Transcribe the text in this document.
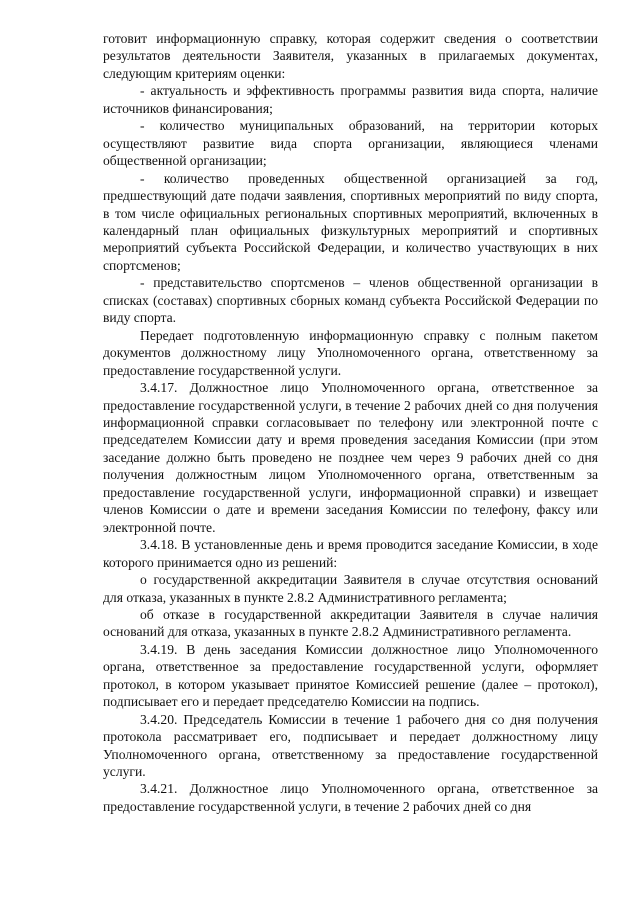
готовит информационную справку, которая содержит сведения о соответствии результатов деятельности Заявителя, указанных в прилагаемых документах, следующим критериям оценки:

- актуальность и эффективность программы развития вида спорта, наличие источников финансирования;

- количество муниципальных образований, на территории которых осуществляют развитие вида спорта организации, являющиеся членами общественной организации;

- количество проведенных общественной организацией за год, предшествующий дате подачи заявления, спортивных мероприятий по виду спорта, в том числе официальных региональных спортивных мероприятий, включенных в календарный план официальных физкультурных мероприятий и спортивных мероприятий субъекта Российской Федерации, и количество участвующих в них спортсменов;

- представительство спортсменов – членов общественной организации в списках (составах) спортивных сборных команд субъекта Российской Федерации по виду спорта.

Передает подготовленную информационную справку с полным пакетом документов должностному лицу Уполномоченного органа, ответственному за предоставление государственной услуги.

3.4.17. Должностное лицо Уполномоченного органа, ответственное за предоставление государственной услуги, в течение 2 рабочих дней со дня получения информационной справки согласовывает по телефону или электронной почте с председателем Комиссии дату и время проведения заседания Комиссии (при этом заседание должно быть проведено не позднее чем через 9 рабочих дней со дня получения должностным лицом Уполномоченного органа, ответственным за предоставление государственной услуги, информационной справки) и извещает членов Комиссии о дате и времени заседания Комиссии по телефону, факсу или электронной почте.

3.4.18. В установленные день и время проводится заседание Комиссии, в ходе которого принимается одно из решений:

о государственной аккредитации Заявителя в случае отсутствия оснований для отказа, указанных в пункте 2.8.2 Административного регламента;

об отказе в государственной аккредитации Заявителя в случае наличия оснований для отказа, указанных в пункте 2.8.2 Административного регламента.

3.4.19. В день заседания Комиссии должностное лицо Уполномоченного органа, ответственное за предоставление государственной услуги, оформляет протокол, в котором указывает принятое Комиссией решение (далее – протокол), подписывает его и передает председателю Комиссии на подпись.

3.4.20. Председатель Комиссии в течение 1 рабочего дня со дня получения протокола рассматривает его, подписывает и передает должностному лицу Уполномоченного органа, ответственному за предоставление государственной услуги.

3.4.21. Должностное лицо Уполномоченного органа, ответственное за предоставление государственной услуги, в течение 2 рабочих дней со дня
